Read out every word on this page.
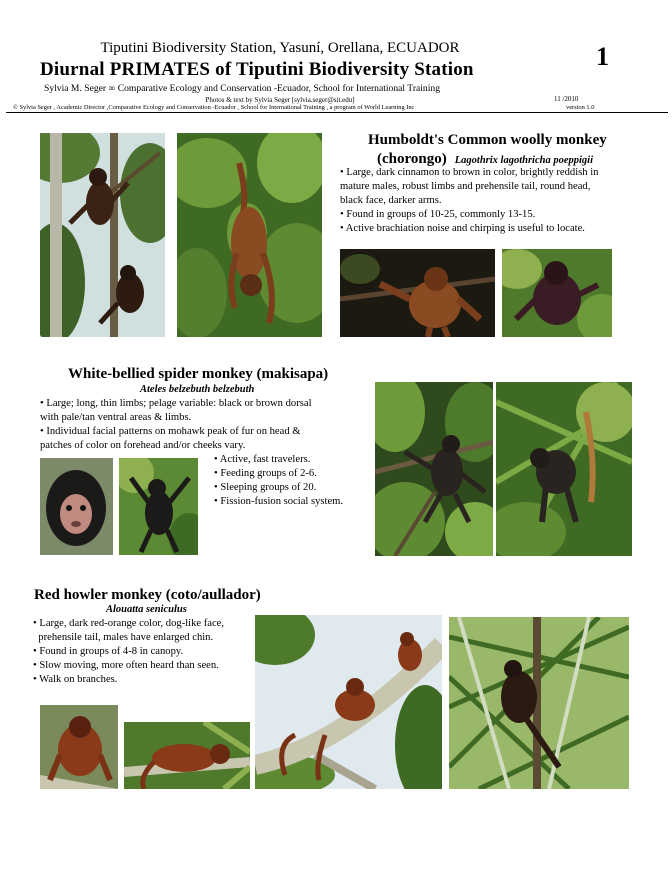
Tiputini Biodiversity Station, Yasuní, Orellana, ECUADOR
Diurnal PRIMATES of Tiputini Biodiversity Station	1
Sylvia M. Seger ∞ Comparative Ecology and Conservation -Ecuador, School for International Training
Photos & text by Sylvia Seger [sylvia.seger@sit.edu]	11 /2010
© Sylvia Seger , Academic Director ,Comparative Ecology and Conservation -Ecuador , School for International Training , a program of World Learning Inc	version 1.0
Humboldt's Common woolly monkey
(chorongo) Lagothrix lagothricha poeppigii
• Large, dark cinnamon to brown in color, brightly reddish in
mature males, robust limbs and prehensile tail, round head,
black face, darker arms.
• Found in groups of 10-25, commonly 13-15.
• Active brachiation noise and chirping is useful to locate.
White-bellied spider monkey (makisapa)
Ateles belzebuth belzebuth
• Large; long, thin limbs; pelage variable: black or brown dorsal
with pale/tan ventral areas & limbs.
• Individual facial patterns on mohawk peak of fur on head &
patches of color on forehead and/or cheeks vary.
• Active, fast travelers.
• Feeding groups of 2-6.
• Sleeping groups of 20.
• Fission-fusion social system.
Red howler monkey (coto/aullador)
Alouatta seniculus
• Large, dark red-orange color, dog-like face,
prehensile tail, males have enlarged chin.
• Found in groups of 4-8 in canopy.
• Slow moving, more often heard than seen.
• Walk on branches.
